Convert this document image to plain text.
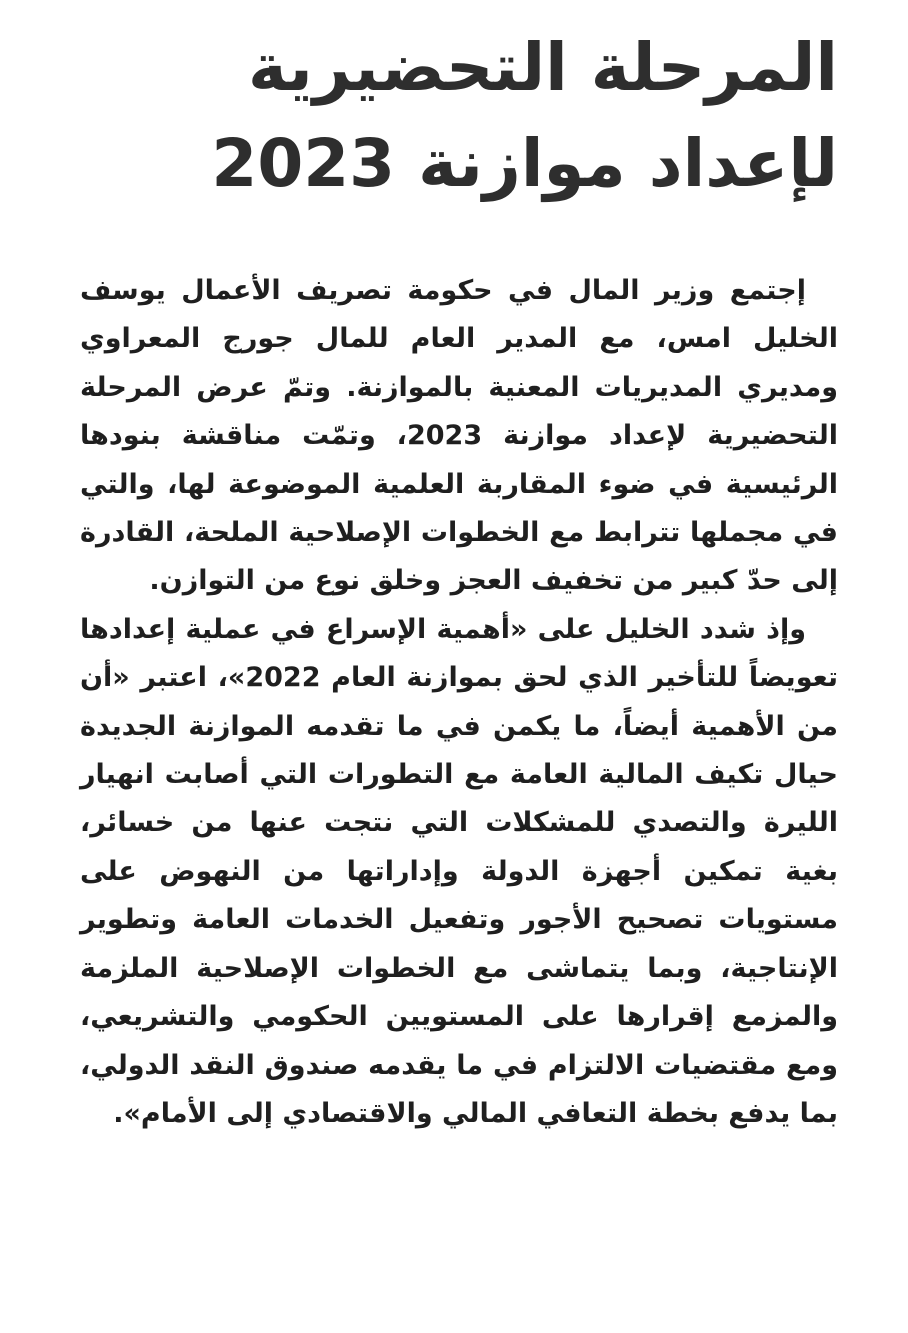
المرحلة التحضيرية
لإعداد موازنة 2023

إجتمع وزير المال في حكومة تصريف الأعمال يوسف الخليل امس، مع المدير العام للمال جورج المعراوي ومديري المديريات المعنية بالموازنة. وتمّ عرض المرحلة التحضيرية لإعداد موازنة 2023، وتمّت مناقشة بنودها الرئيسية في ضوء المقاربة العلمية الموضوعة لها، والتي في مجملها تترابط مع الخطوات الإصلاحية الملحة، القادرة إلى حدّ كبير من تخفيف العجز وخلق نوع من التوازن.

وإذ شدد الخليل على «أهمية الإسراع في عملية إعدادها تعويضاً للتأخير الذي لحق بموازنة العام 2022»، اعتبر «أن من الأهمية أيضاً، ما يكمن في ما تقدمه الموازنة الجديدة حيال تكيف المالية العامة مع التطورات التي أصابت انهيار الليرة والتصدي للمشكلات التي نتجت عنها من خسائر، بغية تمكين أجهزة الدولة وإداراتها من النهوض على مستويات تصحيح الأجور وتفعيل الخدمات العامة وتطوير الإنتاجية، وبما يتماشى مع الخطوات الإصلاحية الملزمة والمزمع إقرارها على المستويين الحكومي والتشريعي، ومع مقتضيات الالتزام في ما يقدمه صندوق النقد الدولي، بما يدفع بخطة التعافي المالي والاقتصادي إلى الأمام».
